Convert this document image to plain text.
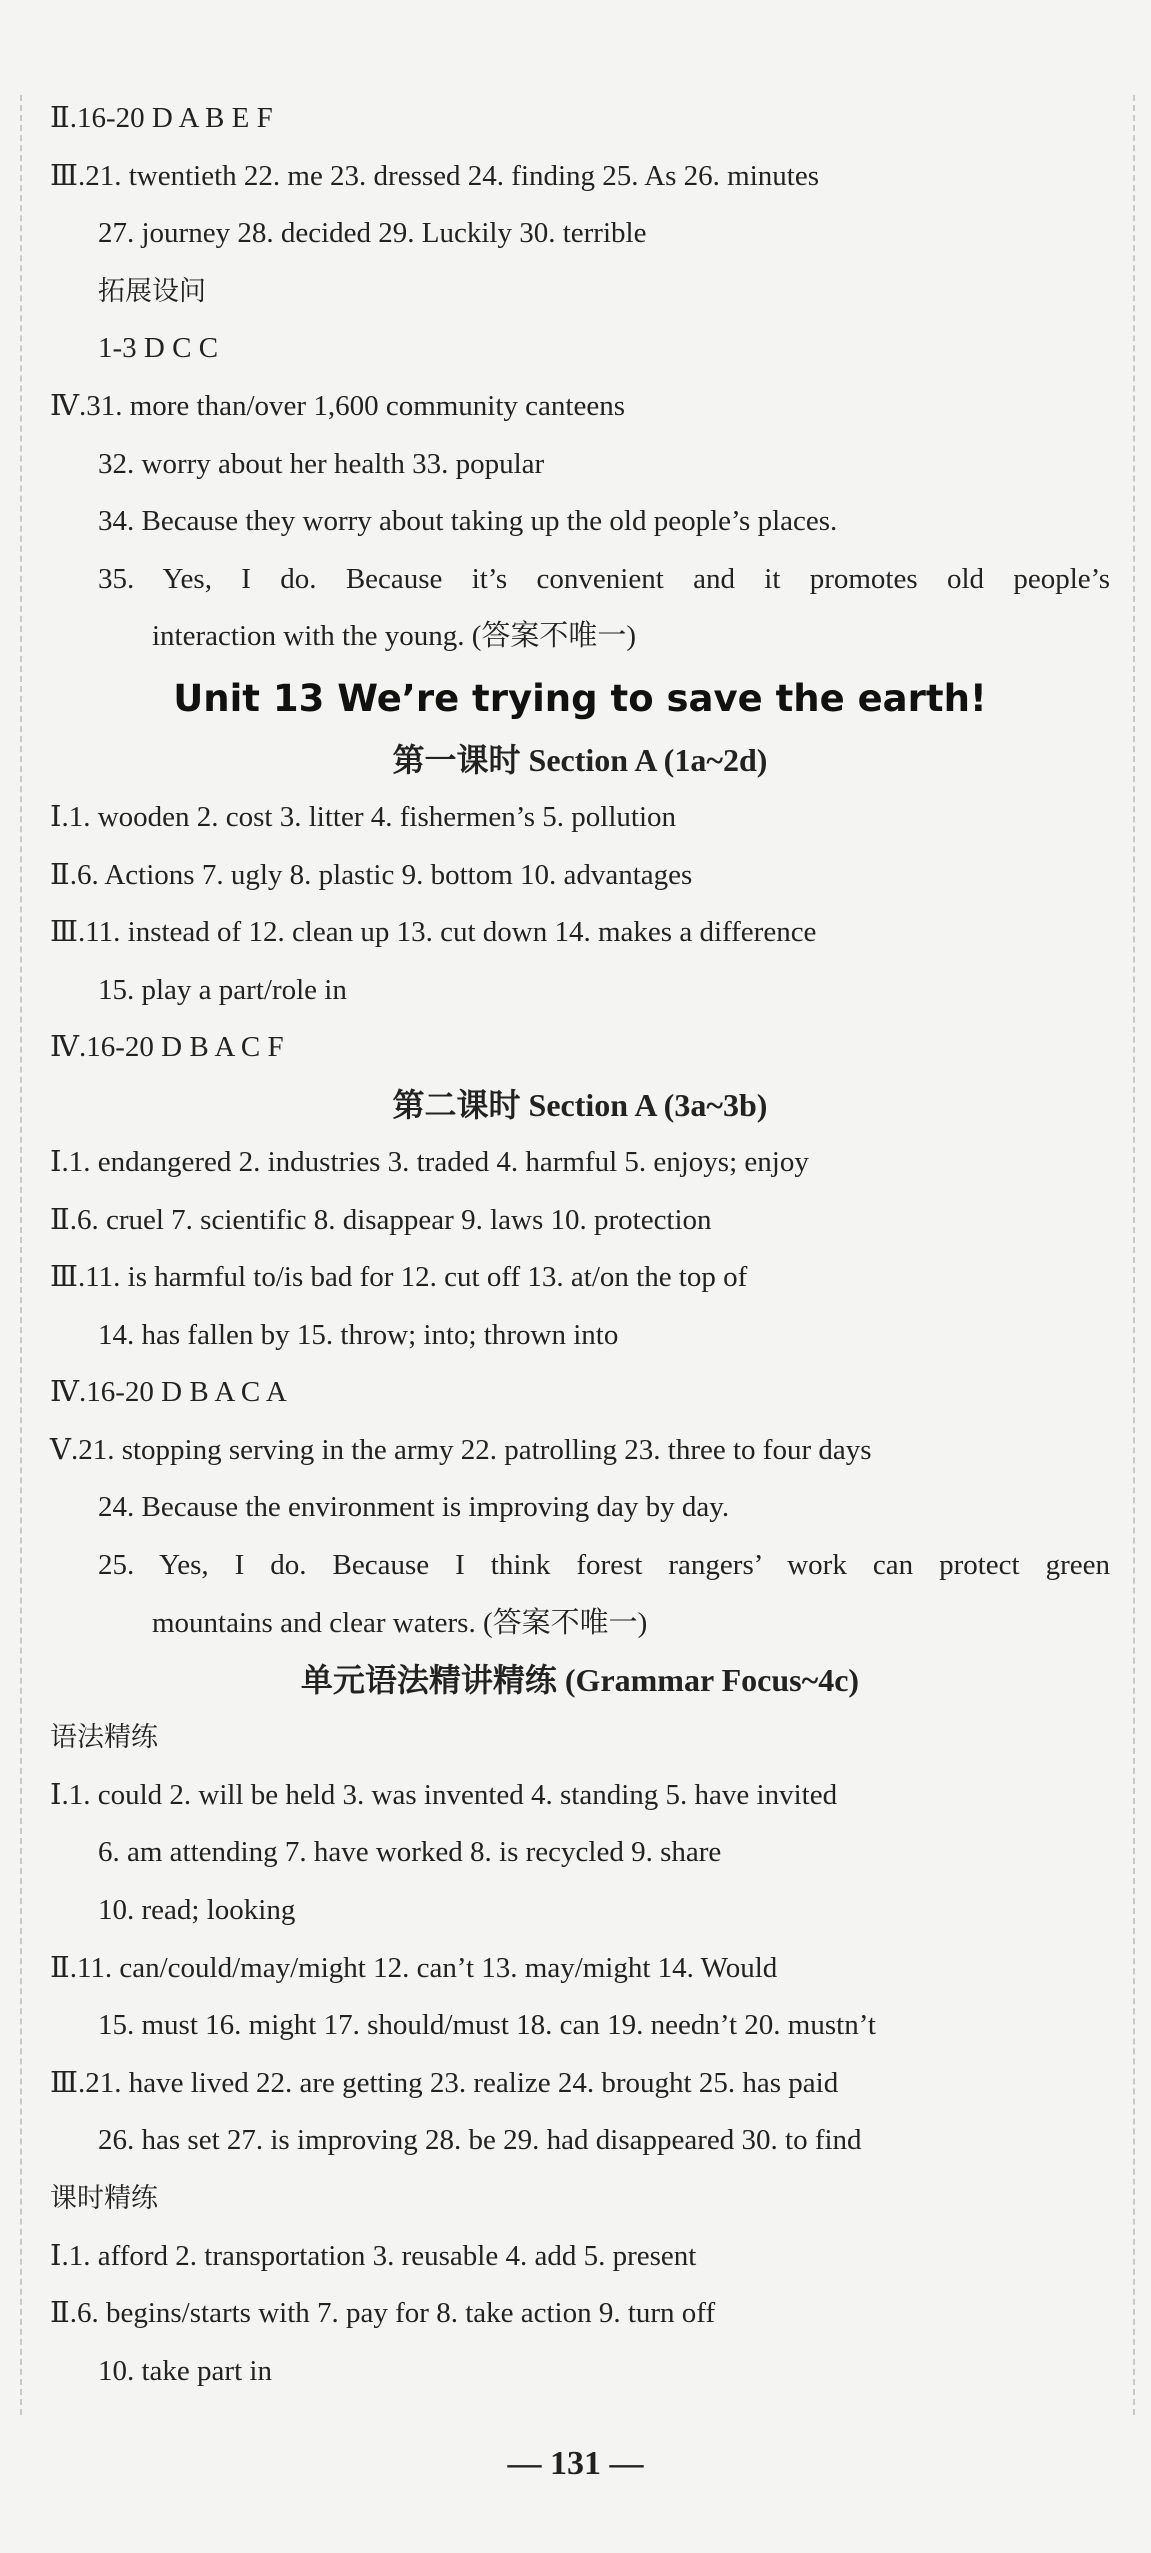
Ⅱ.16-20 D A B E F
Ⅲ.21. twentieth 22. me 23. dressed 24. finding 25. As 26. minutes
27. journey 28. decided 29. Luckily 30. terrible
拓展设问
1-3 D C C
Ⅳ.31. more than/over 1,600 community canteens
32. worry about her health 33. popular
34. Because they worry about taking up the old people’s places.
35. Yes, I do. Because it’s convenient and it promotes old people’s
interaction with the young. (答案不唯一)
Unit 13 We’re trying to save the earth!
第一课时 Section A (1a~2d)
Ⅰ.1. wooden 2. cost 3. litter 4. fishermen’s 5. pollution
Ⅱ.6. Actions 7. ugly 8. plastic 9. bottom 10. advantages
Ⅲ.11. instead of 12. clean up 13. cut down 14. makes a difference
15. play a part/role in
Ⅳ.16-20 D B A C F
第二课时 Section A (3a~3b)
Ⅰ.1. endangered 2. industries 3. traded 4. harmful 5. enjoys; enjoy
Ⅱ.6. cruel 7. scientific 8. disappear 9. laws 10. protection
Ⅲ.11. is harmful to/is bad for 12. cut off 13. at/on the top of
14. has fallen by 15. throw; into; thrown into
Ⅳ.16-20 D B A C A
Ⅴ.21. stopping serving in the army 22. patrolling 23. three to four days
24. Because the environment is improving day by day.
25. Yes, I do. Because I think forest rangers’ work can protect green
mountains and clear waters. (答案不唯一)
单元语法精讲精练 (Grammar Focus~4c)
语法精练
Ⅰ.1. could 2. will be held 3. was invented 4. standing 5. have invited
6. am attending 7. have worked 8. is recycled 9. share
10. read; looking
Ⅱ.11. can/could/may/might 12. can’t 13. may/might 14. Would
15. must 16. might 17. should/must 18. can 19. needn’t 20. mustn’t
Ⅲ.21. have lived 22. are getting 23. realize 24. brought 25. has paid
26. has set 27. is improving 28. be 29. had disappeared 30. to find
课时精练
Ⅰ.1. afford 2. transportation 3. reusable 4. add 5. present
Ⅱ.6. begins/starts with 7. pay for 8. take action 9. turn off
10. take part in
— 131 —
